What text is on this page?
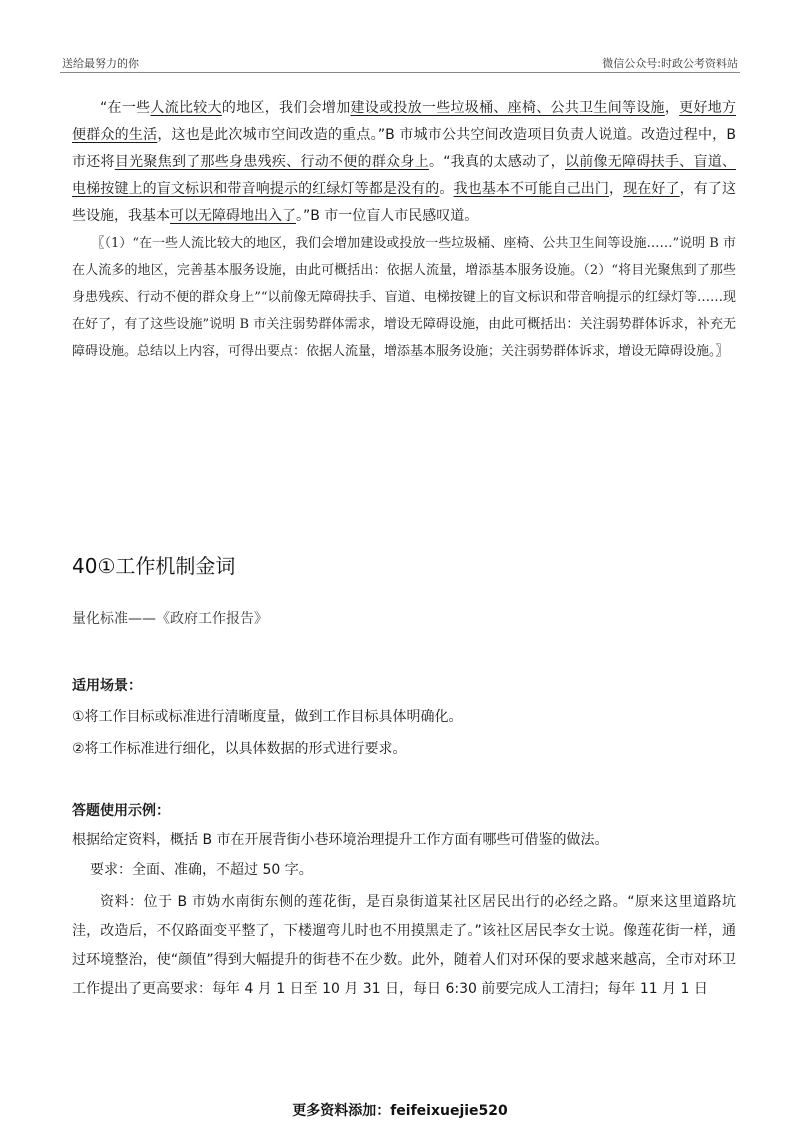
送给最努力的你	微信公众号:时政公考资料站
“在一些人流比较大的地区，我们会增加建设或投放一些垃圾桶、座椅、公共卫生间等设施，更好地方便群众的生活，这也是此次城市空间改造的重点。”B 市城市公共空间改造项目负责人说道。改造过程中，B 市还将目光聚焦到了那些身患残疾、行动不便的群众身上。“我真的太感动了，以前像无障碍扶手、盲道、电梯按键上的盲文标识和带音响提示的红绿灯等都是没有的。我也基本不可能自己出门，现在好了，有了这些设施，我基本可以无障碍地出入了。”B 市一位盲人市民感叹道。
〖（1）“在一些人流比较大的地区，我们会增加建设或投放一些垃圾桶、座椅、公共卫生间等设施……”说明 B 市在人流多的地区，完善基本服务设施，由此可概括出：依据人流量，增添基本服务设施。（2）“将目光聚焦到了那些身患残疾、行动不便的群众身上”“以前像无障碍扶手、盲道、电梯按键上的盲文标识和带音响提示的红绿灯等……现在好了，有了这些设施”说明 B 市关注弱势群体需求，增设无障碍设施，由此可概括出：关注弱势群体诉求，补充无障碍设施。总结以上内容，可得出要点：依据人流量，增添基本服务设施；关注弱势群体诉求，增设无障碍设施。〗
40①工作机制金词
量化标准——《政府工作报告》
适用场景：
①将工作目标或标准进行清晰度量，做到工作目标具体明确化。
②将工作标准进行细化，以具体数据的形式进行要求。
答题使用示例：
根据给定资料，概括 B 市在开展背街小巷环境治理提升工作方面有哪些可借鉴的做法。
要求：全面、准确，不超过 50 字。
资料：位于 B 市妫水南街东侧的莲花街，是百泉街道某社区居民出行的必经之路。“原来这里道路坑洼，改造后，不仅路面变平整了，下楼遛弯儿时也不用摸黑走了。”该社区居民李女士说。像莲花街一样，通过环境整治，使“颜值”得到大幅提升的街巷不在少数。此外，随着人们对环保的要求越来越高，全市对环卫工作提出了更高要求：每年 4 月 1 日至 10 月 31 日，每日 6:30 前要完成人工清扫；每年 11 月 1 日
更多资料添加：feifeixuejie520
